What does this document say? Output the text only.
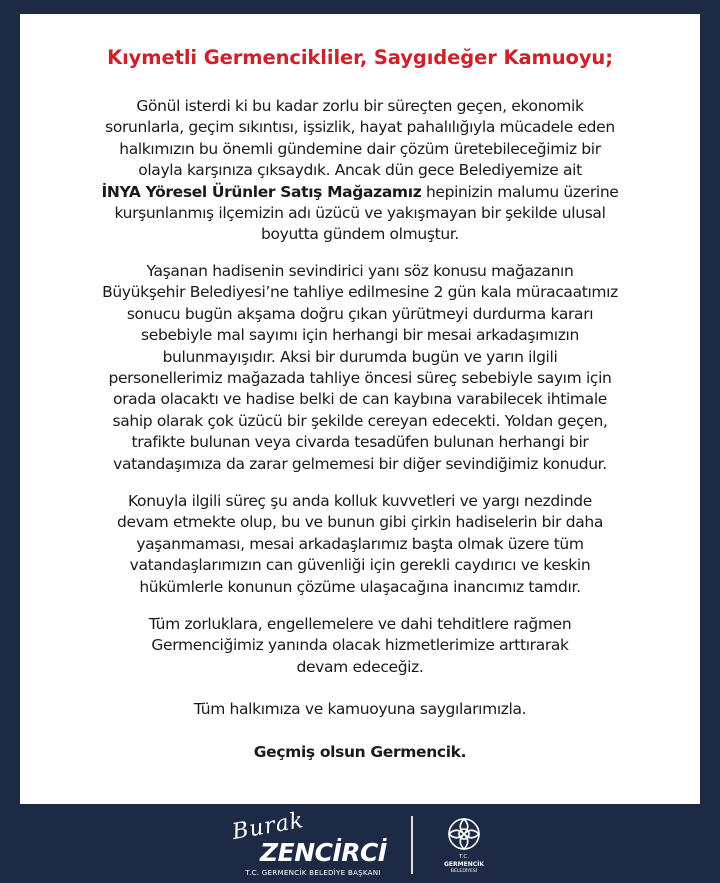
Kıymetli Germencikliler, Saygıdeğer Kamuoyu;
Gönül isterdi ki bu kadar zorlu bir süreçten geçen, ekonomik
sorunlarla, geçim sıkıntısı, işsizlik, hayat pahalılığıyla mücadele eden
halkımızın bu önemli gündemine dair çözüm üretebileceğimiz bir
olayla karşınıza çıksaydık. Ancak dün gece Belediyemize ait
İNYA Yöresel Ürünler Satış Mağazamız hepinizin malumu üzerine
kurşunlanmış ilçemizin adı üzücü ve yakışmayan bir şekilde ulusal
boyutta gündem olmuştur.
Yaşanan hadisenin sevindirici yanı söz konusu mağazanın
Büyükşehir Belediyesi’ne tahliye edilmesine 2 gün kala müracaatımız
sonucu bugün akşama doğru çıkan yürütmeyi durdurma kararı
sebebiyle mal sayımı için herhangi bir mesai arkadaşımızın
bulunmayışıdır. Aksi bir durumda bugün ve yarın ilgili
personellerimiz mağazada tahliye öncesi süreç sebebiyle sayım için
orada olacaktı ve hadise belki de can kaybına varabilecek ihtimale
sahip olarak çok üzücü bir şekilde cereyan edecekti. Yoldan geçen,
trafikte bulunan veya civarda tesadüfen bulunan herhangi bir
vatandaşımıza da zarar gelmemesi bir diğer sevindiğimiz konudur.
Konuyla ilgili süreç şu anda kolluk kuvvetleri ve yargı nezdinde
devam etmekte olup, bu ve bunun gibi çirkin hadiselerin bir daha
yaşanmaması, mesai arkadaşlarımız başta olmak üzere tüm
vatandaşlarımızın can güvenliği için gerekli caydırıcı ve keskin
hükümlerle konunun çözüme ulaşacağına inancımız tamdır.
Tüm zorluklara, engellemelere ve dahi tehditlere rağmen
Germenciğimiz yanında olacak hizmetlerimize arttırarak
devam edeceğiz.
Tüm halkımıza ve kamuoyuna saygılarımızla.
Geçmiş olsun Germencik.
Burak
ZENCİRCİ
T.C. GERMENCİK BELEDİYE BAŞKANI
T.C.
GERMENCİK
BELEDİYESİ
